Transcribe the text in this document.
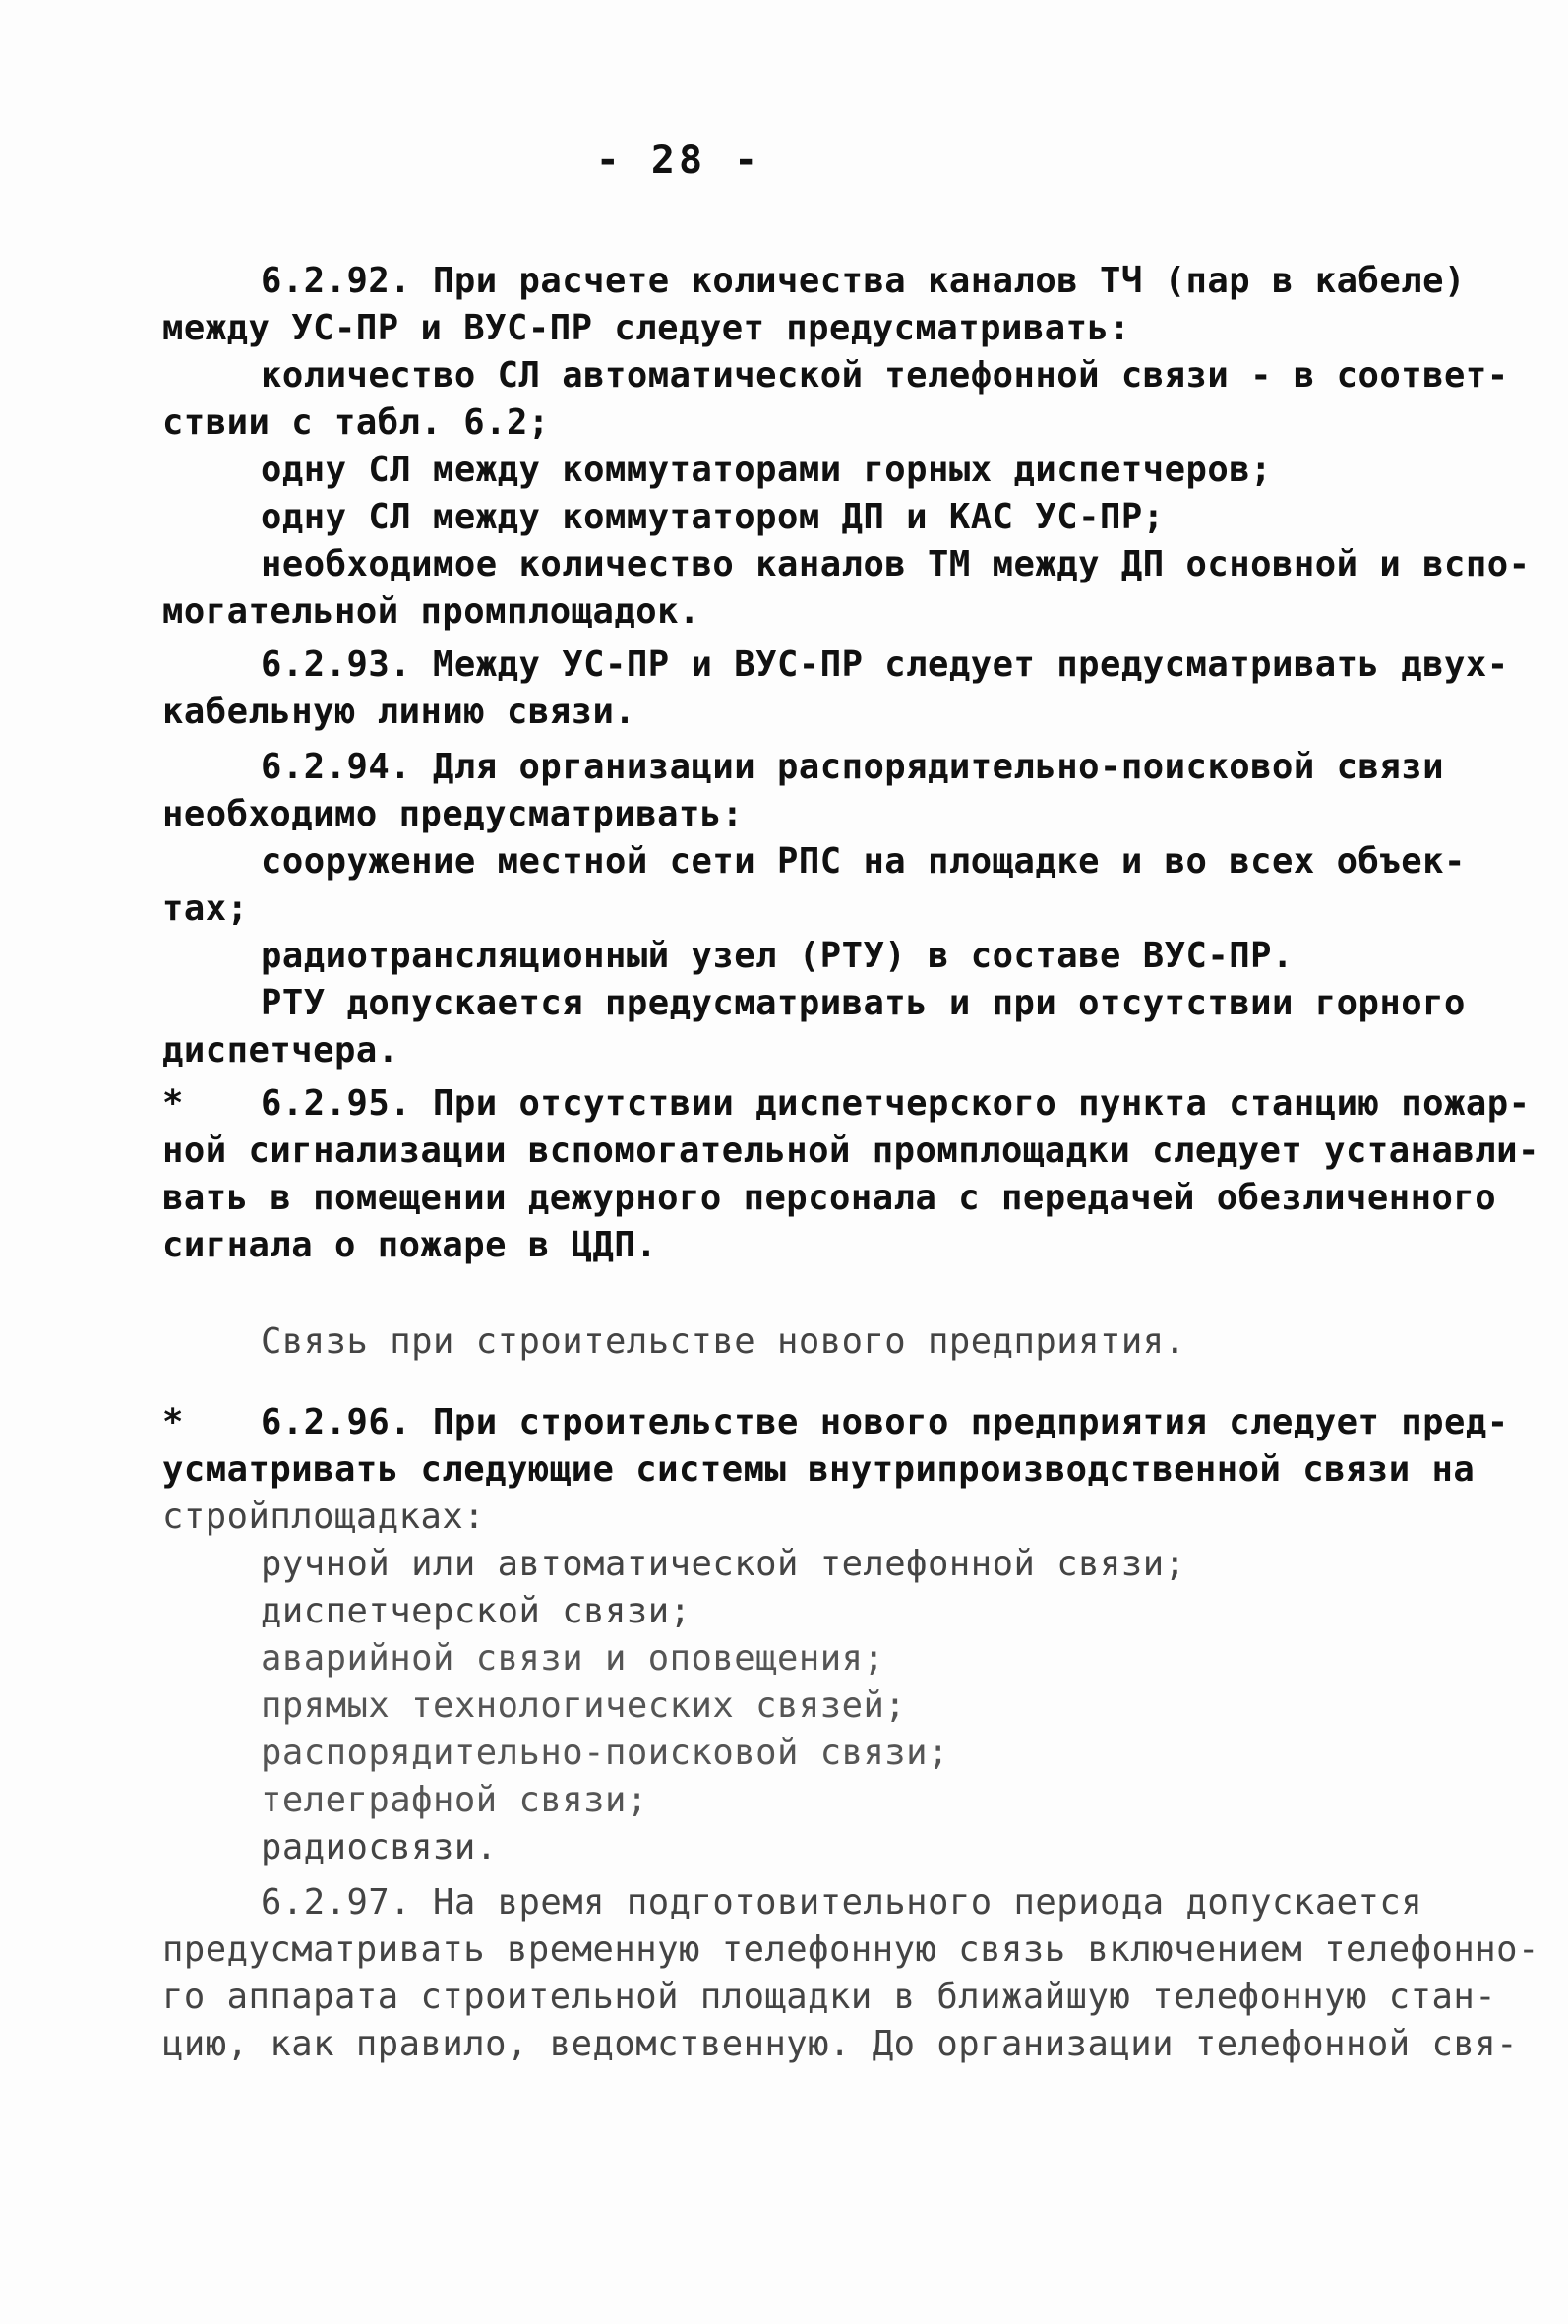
- 28 -
6.2.92. При расчете количества каналов ТЧ (пар в кабеле)
между УС-ПР и ВУС-ПР следует предусматривать:
количество СЛ автоматической телефонной связи - в соответ-
ствии с табл. 6.2;
одну СЛ между коммутаторами горных диспетчеров;
одну СЛ между коммутатором ДП и КАС УС-ПР;
необходимое количество каналов ТМ между ДП основной и вспо-
могательной промплощадок.
6.2.93. Между УС-ПР и ВУС-ПР следует предусматривать двух-
кабельную линию связи.
6.2.94. Для организации распорядительно-поисковой связи
необходимо предусматривать:
сооружение местной сети РПС на площадке и во всех объек-
тах;
радиотрансляционный узел (РТУ) в составе ВУС-ПР.
РТУ допускается предусматривать и при отсутствии горного
диспетчера.
* 6.2.95. При отсутствии диспетчерского пункта станцию пожар-
ной сигнализации вспомогательной промплощадки следует устанавли-
вать в помещении дежурного персонала с передачей обезличенного
сигнала о пожаре в ЦДП.
Связь при строительстве нового предприятия.
* 6.2.96. При строительстве нового предприятия следует пред-
усматривать следующие системы внутрипроизводственной связи на
стройплощадках:
ручной или автоматической телефонной связи;
диспетчерской связи;
аварийной связи и оповещения;
прямых технологических связей;
распорядительно-поисковой связи;
телеграфной связи;
радиосвязи.
6.2.97. На время подготовительного периода допускается
предусматривать временную телефонную связь включением телефонно-
го аппарата строительной площадки в ближайшую телефонную стан-
цию, как правило, ведомственную. До организации телефонной свя-
